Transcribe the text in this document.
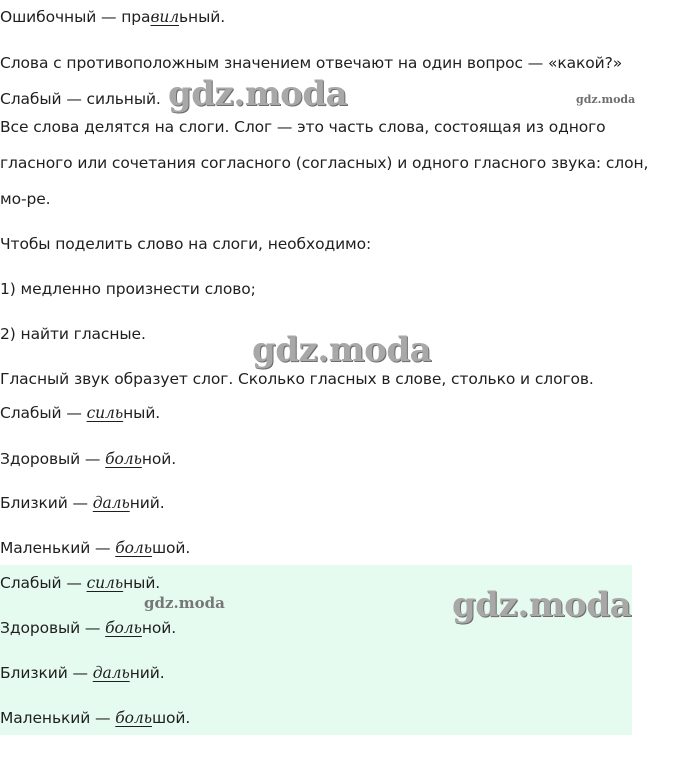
Ошибочный — правильный.

Слова с противоположным значением отвечают на один вопрос — «какой?»

Слабый — сильный.

Все слова делятся на слоги. Слог — это часть слова, состоящая из одного

гласного или сочетания согласного (согласных) и одного гласного звука: слон,

мо-ре.

Чтобы поделить слово на слоги, необходимо:

1) медленно произнести слово;

2) найти гласные.

Гласный звук образует слог. Сколько гласных в слове, столько и слогов.

Слабый — сильный.

Здоровый — больной.

Близкий — дальний.

Маленький — большой.

Слабый — сильный.

Здоровый — больной.

Близкий — дальний.

Маленький — большой.

gdz.moda	gdz.moda
gdz.moda
gdz.moda	gdz.moda
